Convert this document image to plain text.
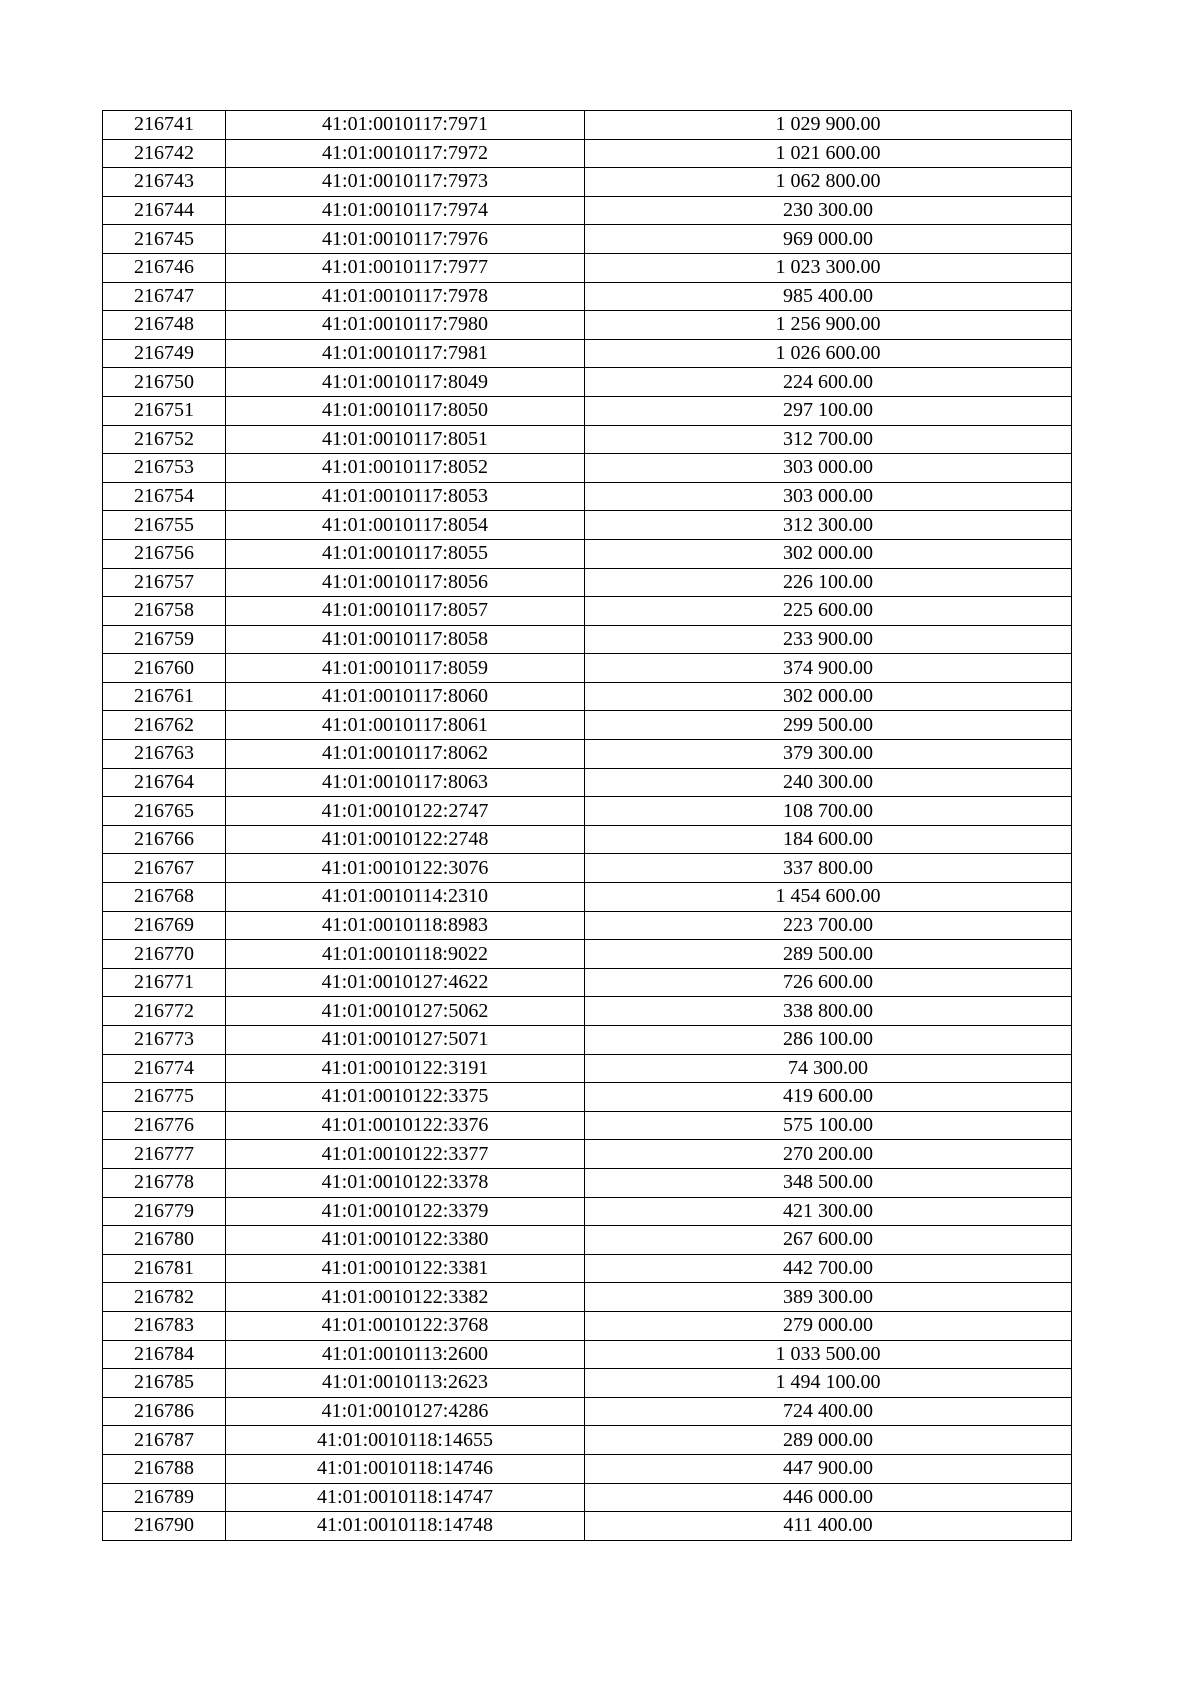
216741	41:01:0010117:7971	1 029 900.00
216742	41:01:0010117:7972	1 021 600.00
216743	41:01:0010117:7973	1 062 800.00
216744	41:01:0010117:7974	230 300.00
216745	41:01:0010117:7976	969 000.00
216746	41:01:0010117:7977	1 023 300.00
216747	41:01:0010117:7978	985 400.00
216748	41:01:0010117:7980	1 256 900.00
216749	41:01:0010117:7981	1 026 600.00
216750	41:01:0010117:8049	224 600.00
216751	41:01:0010117:8050	297 100.00
216752	41:01:0010117:8051	312 700.00
216753	41:01:0010117:8052	303 000.00
216754	41:01:0010117:8053	303 000.00
216755	41:01:0010117:8054	312 300.00
216756	41:01:0010117:8055	302 000.00
216757	41:01:0010117:8056	226 100.00
216758	41:01:0010117:8057	225 600.00
216759	41:01:0010117:8058	233 900.00
216760	41:01:0010117:8059	374 900.00
216761	41:01:0010117:8060	302 000.00
216762	41:01:0010117:8061	299 500.00
216763	41:01:0010117:8062	379 300.00
216764	41:01:0010117:8063	240 300.00
216765	41:01:0010122:2747	108 700.00
216766	41:01:0010122:2748	184 600.00
216767	41:01:0010122:3076	337 800.00
216768	41:01:0010114:2310	1 454 600.00
216769	41:01:0010118:8983	223 700.00
216770	41:01:0010118:9022	289 500.00
216771	41:01:0010127:4622	726 600.00
216772	41:01:0010127:5062	338 800.00
216773	41:01:0010127:5071	286 100.00
216774	41:01:0010122:3191	74 300.00
216775	41:01:0010122:3375	419 600.00
216776	41:01:0010122:3376	575 100.00
216777	41:01:0010122:3377	270 200.00
216778	41:01:0010122:3378	348 500.00
216779	41:01:0010122:3379	421 300.00
216780	41:01:0010122:3380	267 600.00
216781	41:01:0010122:3381	442 700.00
216782	41:01:0010122:3382	389 300.00
216783	41:01:0010122:3768	279 000.00
216784	41:01:0010113:2600	1 033 500.00
216785	41:01:0010113:2623	1 494 100.00
216786	41:01:0010127:4286	724 400.00
216787	41:01:0010118:14655	289 000.00
216788	41:01:0010118:14746	447 900.00
216789	41:01:0010118:14747	446 000.00
216790	41:01:0010118:14748	411 400.00
